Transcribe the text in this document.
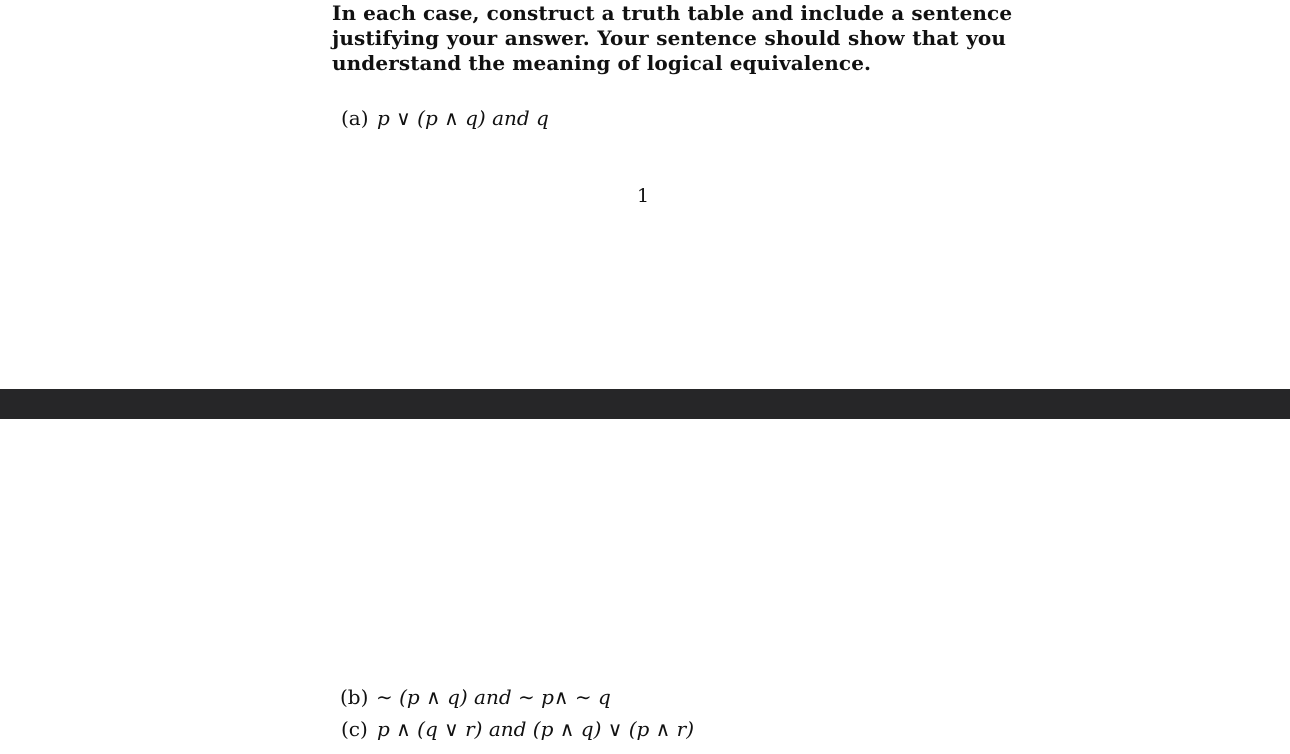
In each case, construct a truth table and include a sentence
justifying your answer. Your sentence should show that you
understand the meaning of logical equivalence.
(a) p ∨ (p ∧ q) and q
1
(b) ∼ (p ∧ q) and ∼ p∧ ∼ q
(c) p ∧ (q ∨ r) and (p ∧ q) ∨ (p ∧ r)
